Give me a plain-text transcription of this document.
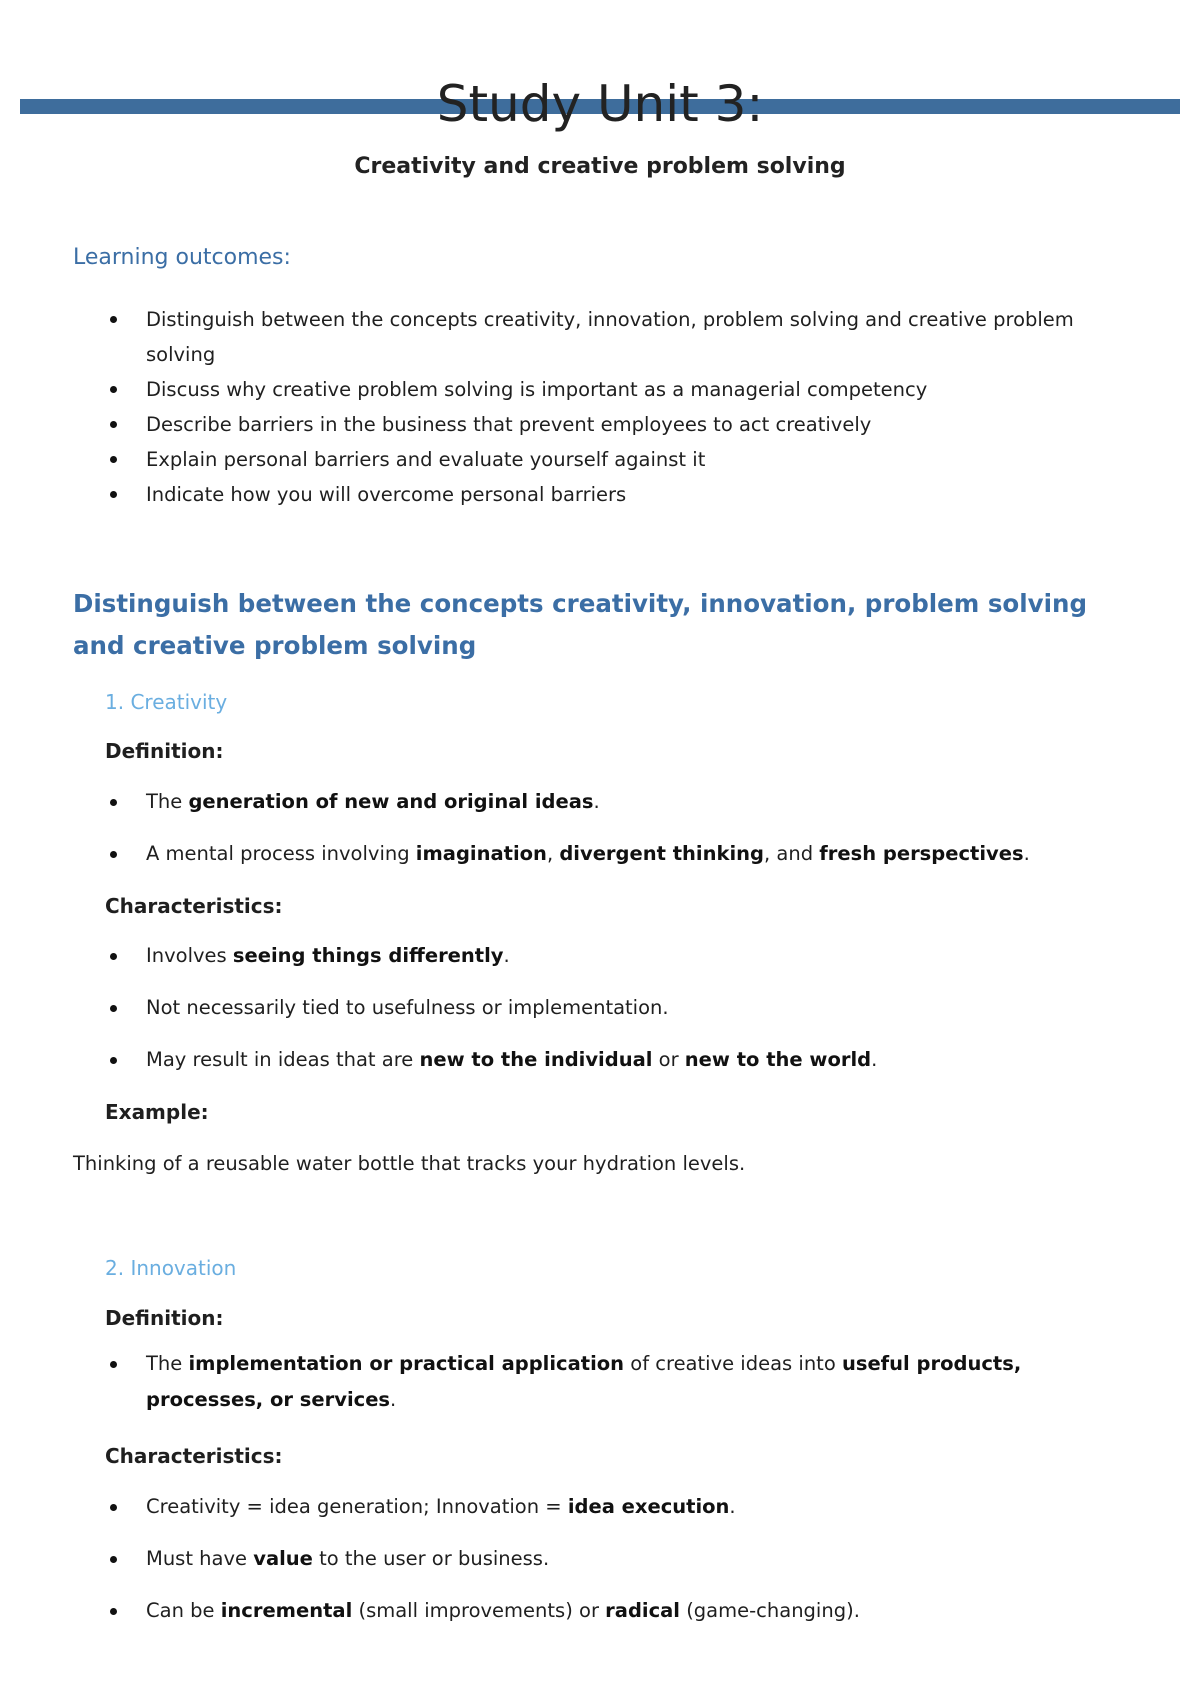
Study Unit 3:
Creativity and creative problem solving
Learning outcomes:
Distinguish between the concepts creativity, innovation, problem solving and creative problem solving
Discuss why creative problem solving is important as a managerial competency
Describe barriers in the business that prevent employees to act creatively
Explain personal barriers and evaluate yourself against it
Indicate how you will overcome personal barriers
Distinguish between the concepts creativity, innovation, problem solving and creative problem solving
1. Creativity
Definition:
The generation of new and original ideas.
A mental process involving imagination, divergent thinking, and fresh perspectives.
Characteristics:
Involves seeing things differently.
Not necessarily tied to usefulness or implementation.
May result in ideas that are new to the individual or new to the world.
Example:
Thinking of a reusable water bottle that tracks your hydration levels.
2. Innovation
Definition:
The implementation or practical application of creative ideas into useful products, processes, or services.
Characteristics:
Creativity = idea generation; Innovation = idea execution.
Must have value to the user or business.
Can be incremental (small improvements) or radical (game-changing).
